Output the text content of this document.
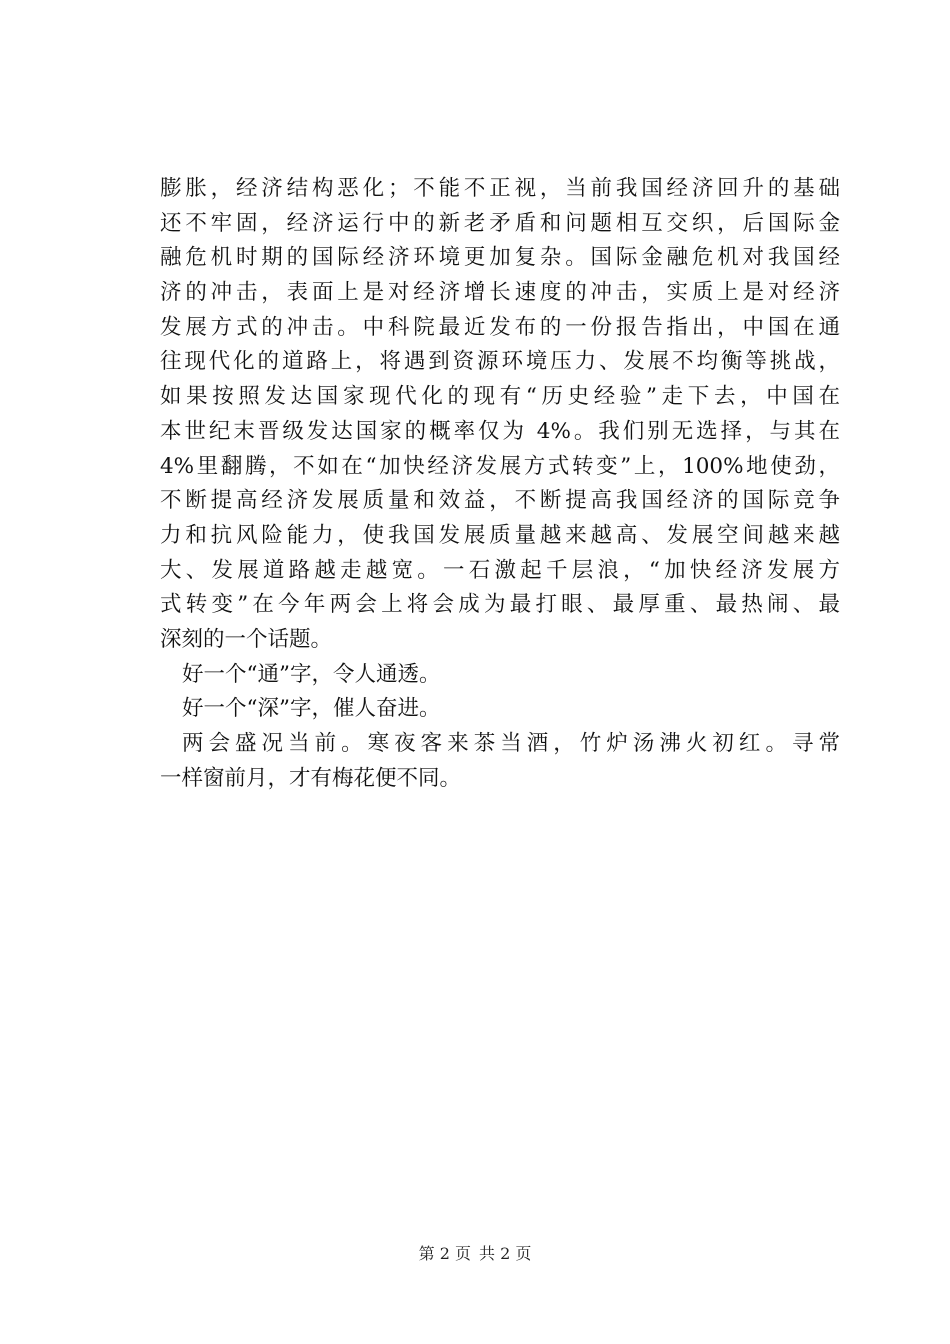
膨胀，经济结构恶化；不能不正视，当前我国经济回升的基础
还不牢固，经济运行中的新老矛盾和问题相互交织，后国际金
融危机时期的国际经济环境更加复杂。国际金融危机对我国经
济的冲击，表面上是对经济增长速度的冲击，实质上是对经济
发展方式的冲击。中科院最近发布的一份报告指出，中国在通
往现代化的道路上，将遇到资源环境压力、发展不均衡等挑战，
如果按照发达国家现代化的现有“历史经验”走下去，中国在
本世纪末晋级发达国家的概率仅为 4%。我们别无选择，与其在
4%里翻腾，不如在“加快经济发展方式转变”上，100%地使劲，
不断提高经济发展质量和效益，不断提高我国经济的国际竞争
力和抗风险能力，使我国发展质量越来越高、发展空间越来越
大、发展道路越走越宽。一石激起千层浪，“加快经济发展方
式转变”在今年两会上将会成为最打眼、最厚重、最热闹、最
深刻的一个话题。
好一个“通”字，令人通透。
好一个“深”字，催人奋进。
两会盛况当前。寒夜客来茶当酒，竹炉汤沸火初红。寻常
一样窗前月，才有梅花便不同。
第 2 页 共 2 页
